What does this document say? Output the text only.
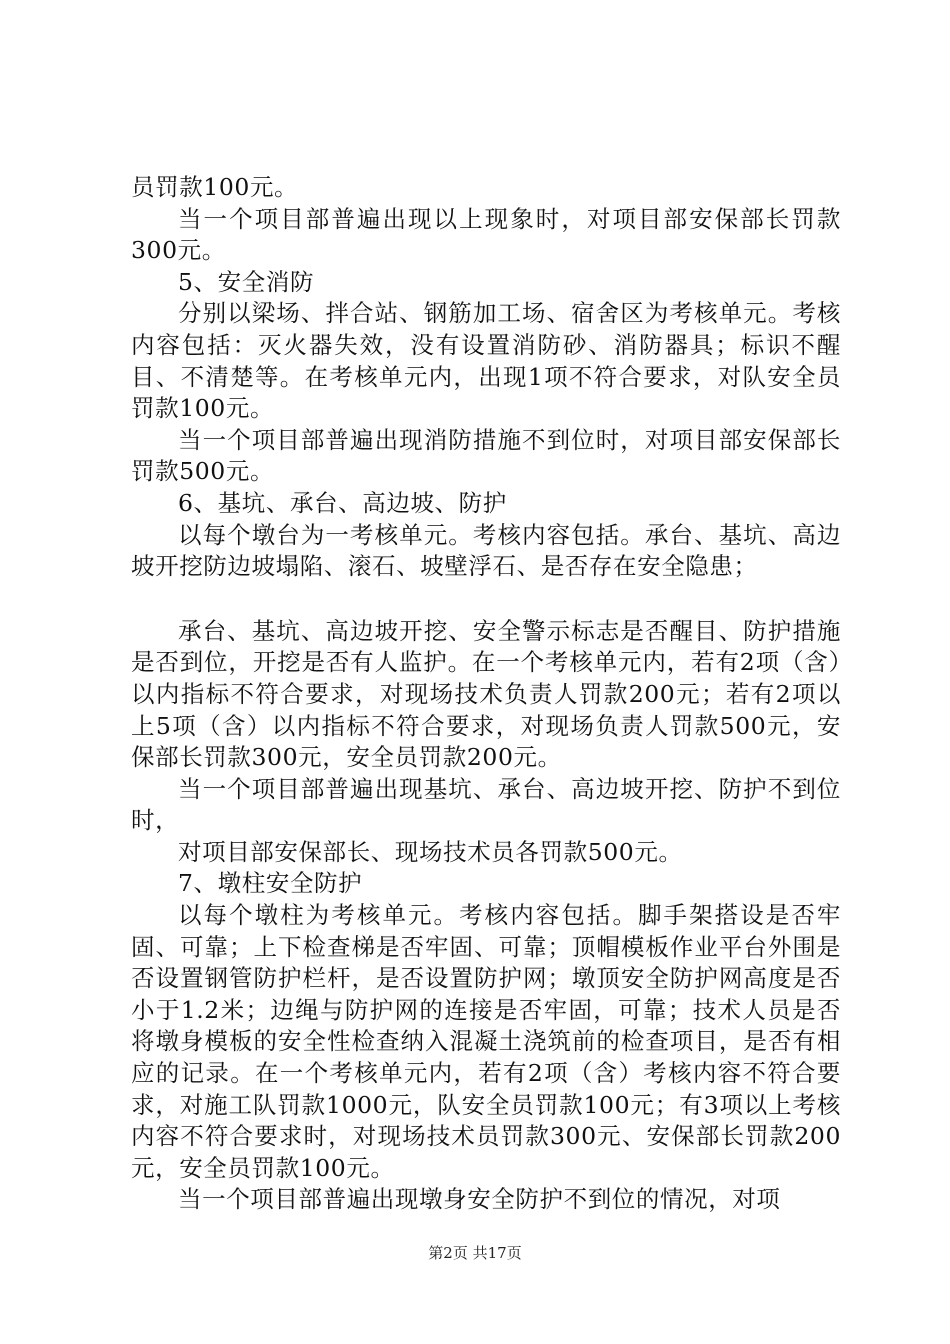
员罚款100元。

当一个项目部普遍出现以上现象时，对项目部安保部长罚款300元。

5、安全消防

分别以梁场、拌合站、钢筋加工场、宿舍区为考核单元。考核内容包括：灭火器失效，没有设置消防砂、消防器具；标识不醒目、不清楚等。在考核单元内，出现1项不符合要求，对队安全员罚款100元。

当一个项目部普遍出现消防措施不到位时，对项目部安保部长罚款500元。

6、基坑、承台、高边坡、防护

以每个墩台为一考核单元。考核内容包括。承台、基坑、高边坡开挖防边坡塌陷、滚石、坡壁浮石、是否存在安全隐患；

承台、基坑、高边坡开挖、安全警示标志是否醒目、防护措施是否到位，开挖是否有人监护。在一个考核单元内，若有2项（含）以内指标不符合要求，对现场技术负责人罚款200元；若有2项以上5项（含）以内指标不符合要求，对现场负责人罚款500元，安保部长罚款300元，安全员罚款200元。

当一个项目部普遍出现基坑、承台、高边坡开挖、防护不到位时，

对项目部安保部长、现场技术员各罚款500元。

7、墩柱安全防护

以每个墩柱为考核单元。考核内容包括。脚手架搭设是否牢固、可靠；上下检查梯是否牢固、可靠；顶帽模板作业平台外围是否设置钢管防护栏杆，是否设置防护网；墩顶安全防护网高度是否小于1.2米；边绳与防护网的连接是否牢固，可靠；技术人员是否将墩身模板的安全性检查纳入混凝土浇筑前的检查项目，是否有相应的记录。在一个考核单元内，若有2项（含）考核内容不符合要求，对施工队罚款1000元，队安全员罚款100元；有3项以上考核内容不符合要求时，对现场技术员罚款300元、安保部长罚款200元，安全员罚款100元。

当一个项目部普遍出现墩身安全防护不到位的情况，对项

第2页 共17页
